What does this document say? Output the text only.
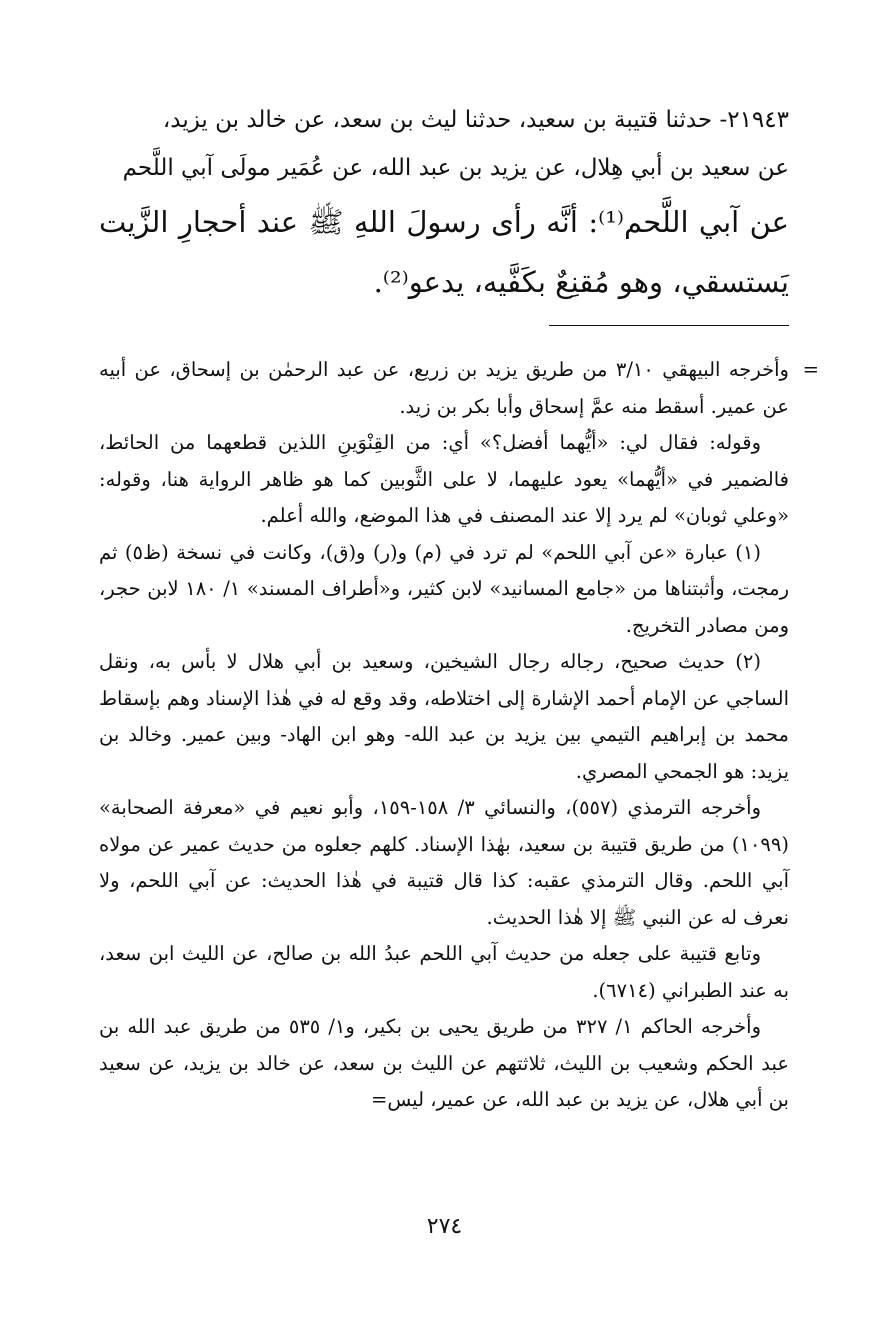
٢١٩٤٣- حدثنا قتيبة بن سعيد، حدثنا ليث بن سعد، عن خالد بن يزيد،

عن سعيد بن أبي هِلال، عن يزيد بن عبد الله، عن عُمَير مولَى آبي اللَّحم

عن آبي اللَّحم⁽¹⁾: أنَّه رأى رسولَ اللهِ ﷺ عند أحجارِ الزَّيت يَستسقي، وهو مُقنِعٌ بكَفَّيه، يدعو⁽²⁾.

=
وأخرجه البيهقي ٣/١٠ من طريق يزيد بن زريع، عن عبد الرحمٰن بن إسحاق، عن أبيه عن عمير. أسقط منه عمَّ إسحاق وأبا بكر بن زيد.

وقوله: فقال لي: «أيُّهما أفضل؟» أي: من القِنْوَينِ اللذين قطعهما من الحائط، فالضمير في «أيُّهما» يعود عليهما، لا على الثَّوبين كما هو ظاهر الرواية هنا، وقوله: «وعلي ثوبان» لم يرد إلا عند المصنف في هذا الموضع، والله أعلم.

(١) عبارة «عن آبي اللحم» لم ترد في (م) و(ر) و(ق)، وكانت في نسخة (ظ٥) ثم رمجت، وأثبتناها من «جامع المسانيد» لابن كثير، و«أطراف المسند» ١/ ١٨٠ لابن حجر، ومن مصادر التخريج.

(٢) حديث صحيح، رجاله رجال الشيخين، وسعيد بن أبي هلال لا بأس به، ونقل الساجي عن الإمام أحمد الإشارة إلى اختلاطه، وقد وقع له في هٰذا الإسناد وهم بإسقاط محمد بن إبراهيم التيمي بين يزيد بن عبد الله- وهو ابن الهاد- وبين عمير. وخالد بن يزيد: هو الجمحي المصري.

وأخرجه الترمذي (٥٥٧)، والنسائي ٣/ ١٥٨-١٥٩، وأبو نعيم في «معرفة الصحابة» (١٠٩٩) من طريق قتيبة بن سعيد، بهٰذا الإسناد. كلهم جعلوه من حديث عمير عن مولاه آبي اللحم. وقال الترمذي عقبه: كذا قال قتيبة في هٰذا الحديث: عن آبي اللحم، ولا نعرف له عن النبي ﷺ إلا هٰذا الحديث.

وتابع قتيبة على جعله من حديث آبي اللحم عبدُ الله بن صالح، عن الليث ابن سعد، به عند الطبراني (٦٧١٤).

وأخرجه الحاكم ١/ ٣٢٧ من طريق يحيى بن بكير، و١/ ٥٣٥ من طريق عبد الله بن عبد الحكم وشعيب بن الليث، ثلاثتهم عن الليث بن سعد، عن خالد بن يزيد، عن سعيد بن أبي هلال، عن يزيد بن عبد الله، عن عمير، ليس=

٢٧٤
